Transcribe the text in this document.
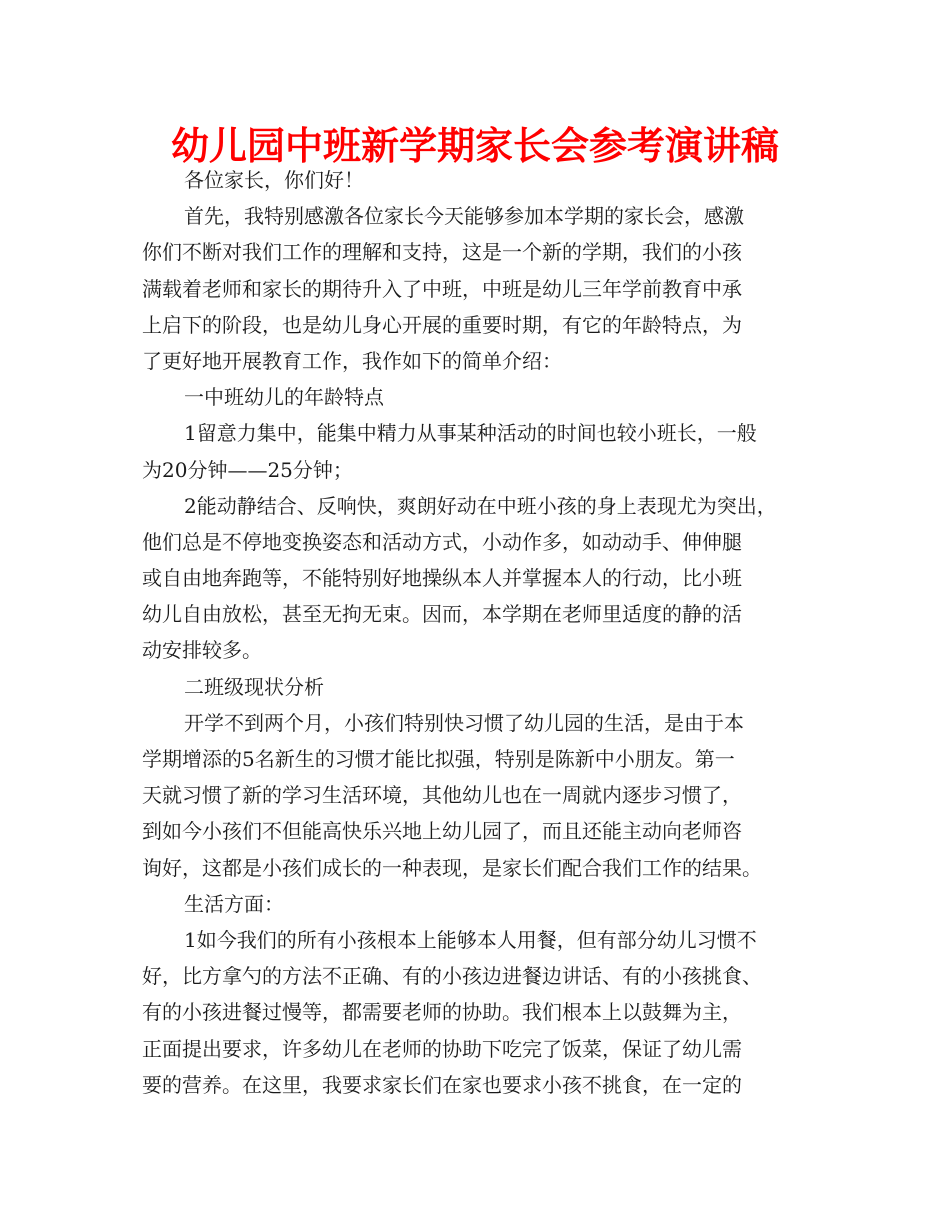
幼儿园中班新学期家长会参考演讲稿
各位家长，你们好！
首先，我特别感激各位家长今天能够参加本学期的家长会，感激
你们不断对我们工作的理解和支持，这是一个新的学期，我们的小孩
满载着老师和家长的期待升入了中班，中班是幼儿三年学前教育中承
上启下的阶段，也是幼儿身心开展的重要时期，有它的年龄特点，为
了更好地开展教育工作，我作如下的简单介绍：
一中班幼儿的年龄特点
1留意力集中，能集中精力从事某种活动的时间也较小班长，一般
为20分钟——25分钟；
2能动静结合、反响快，爽朗好动在中班小孩的身上表现尤为突出，
他们总是不停地变换姿态和活动方式，小动作多，如动动手、伸伸腿
或自由地奔跑等，不能特别好地操纵本人并掌握本人的行动，比小班
幼儿自由放松，甚至无拘无束。因而，本学期在老师里适度的静的活
动安排较多。
二班级现状分析
开学不到两个月，小孩们特别快习惯了幼儿园的生活，是由于本
学期增添的5名新生的习惯才能比拟强，特别是陈新中小朋友。第一
天就习惯了新的学习生活环境，其他幼儿也在一周就内逐步习惯了，
到如今小孩们不但能高快乐兴地上幼儿园了，而且还能主动向老师咨
询好，这都是小孩们成长的一种表现，是家长们配合我们工作的结果。
生活方面：
1如今我们的所有小孩根本上能够本人用餐，但有部分幼儿习惯不
好，比方拿勺的方法不正确、有的小孩边进餐边讲话、有的小孩挑食、
有的小孩进餐过慢等，都需要老师的协助。我们根本上以鼓舞为主，
正面提出要求，许多幼儿在老师的协助下吃完了饭菜，保证了幼儿需
要的营养。在这里，我要求家长们在家也要求小孩不挑食，在一定的
